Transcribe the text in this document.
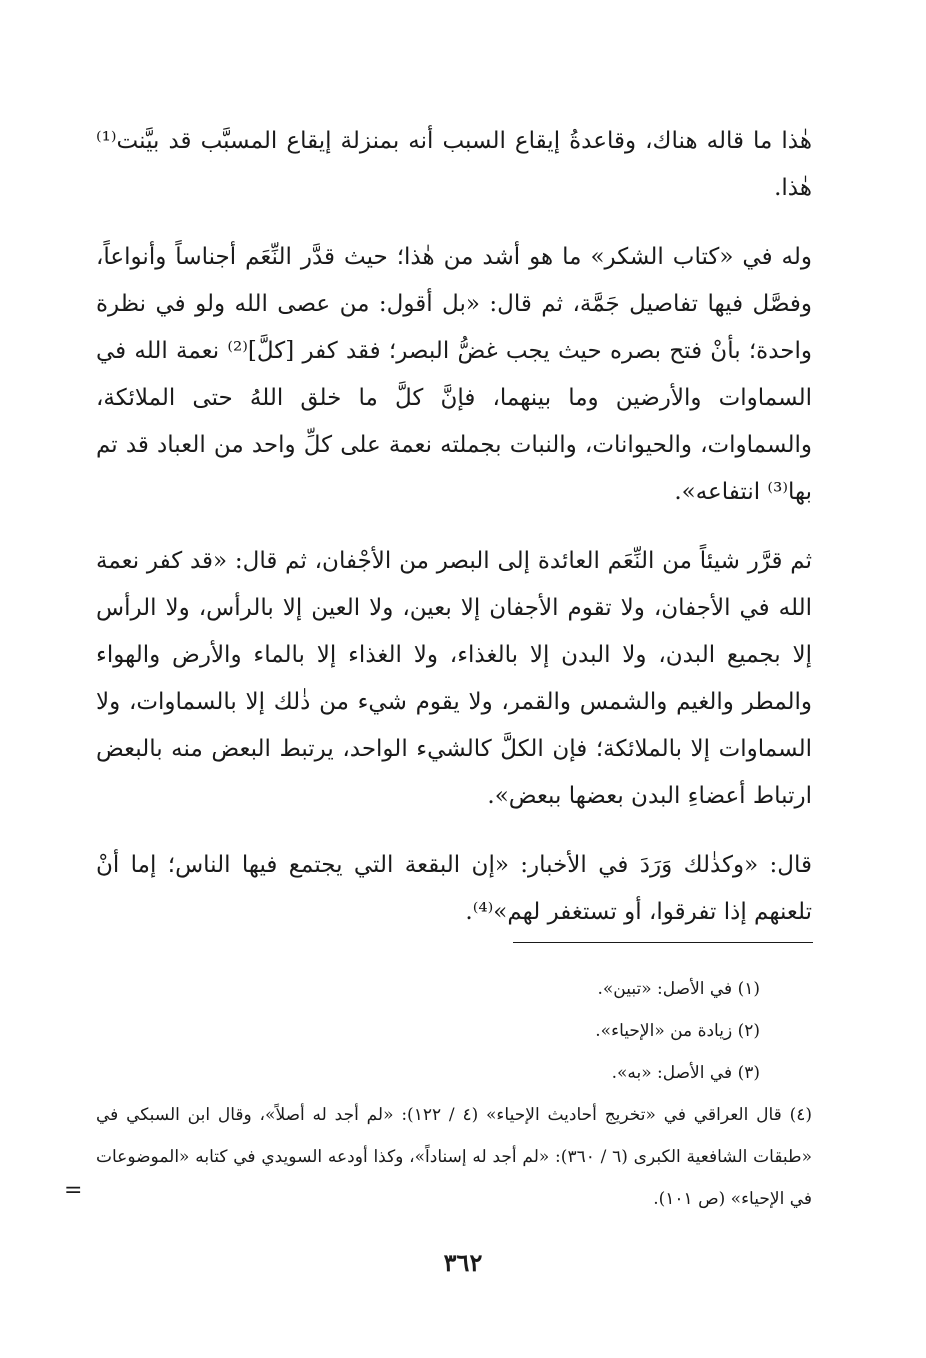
هٰذا ما قاله هناك، وقاعدةُ إيقاع السبب أنه بمنزلة إيقاع المسبَّب قد بيَّنت⁽¹⁾ هٰذا.

وله في «كتاب الشكر» ما هو أشد من هٰذا؛ حيث قدَّر النِّعَم أجناساً وأنواعاً، وفصَّل فيها تفاصيل جَمَّة، ثم قال: «بل أقول: من عصى الله ولو في نظرة واحدة؛ بأنْ فتح بصره حيث يجب غضُّ البصر؛ فقد كفر [كلَّ]⁽²⁾ نعمة الله في السماوات والأرضين وما بينهما، فإنَّ كلَّ ما خلق اللهُ حتى الملائكة، والسماوات، والحيوانات، والنبات بجملته نعمة على كلِّ واحد من العباد قد تم بها⁽³⁾ انتفاعه».

ثم قرَّر شيئاً من النِّعَم العائدة إلى البصر من الأجْفان، ثم قال: «قد كفر نعمة الله في الأجفان، ولا تقوم الأجفان إلا بعين، ولا العين إلا بالرأس، ولا الرأس إلا بجميع البدن، ولا البدن إلا بالغذاء، ولا الغذاء إلا بالماء والأرض والهواء والمطر والغيم والشمس والقمر، ولا يقوم شيء من ذٰلك إلا بالسماوات، ولا السماوات إلا بالملائكة؛ فإن الكلَّ كالشيء الواحد، يرتبط البعض منه بالبعض ارتباط أعضاءِ البدن بعضها ببعض».

قال: «وكذٰلك وَرَدَ في الأخبار: «إن البقعة التي يجتمع فيها الناس؛ إما أنْ تلعنهم إذا تفرقوا، أو تستغفر لهم»⁽⁴⁾.

(١) في الأصل: «تبين».

(٢) زيادة من «الإحياء».

(٣) في الأصل: «به».

(٤) قال العراقي في «تخريج أحاديث الإحياء» (٤ / ١٢٢): «لم أجد له أصلاً»، وقال ابن السبكي في «طبقات الشافعية الكبرى (٦ / ٣٦٠): «لم أجد له إسناداً»، وكذا أودعه السويدي في كتابه «الموضوعات في الإحياء» (ص ١٠١).

=
٣٦٢
